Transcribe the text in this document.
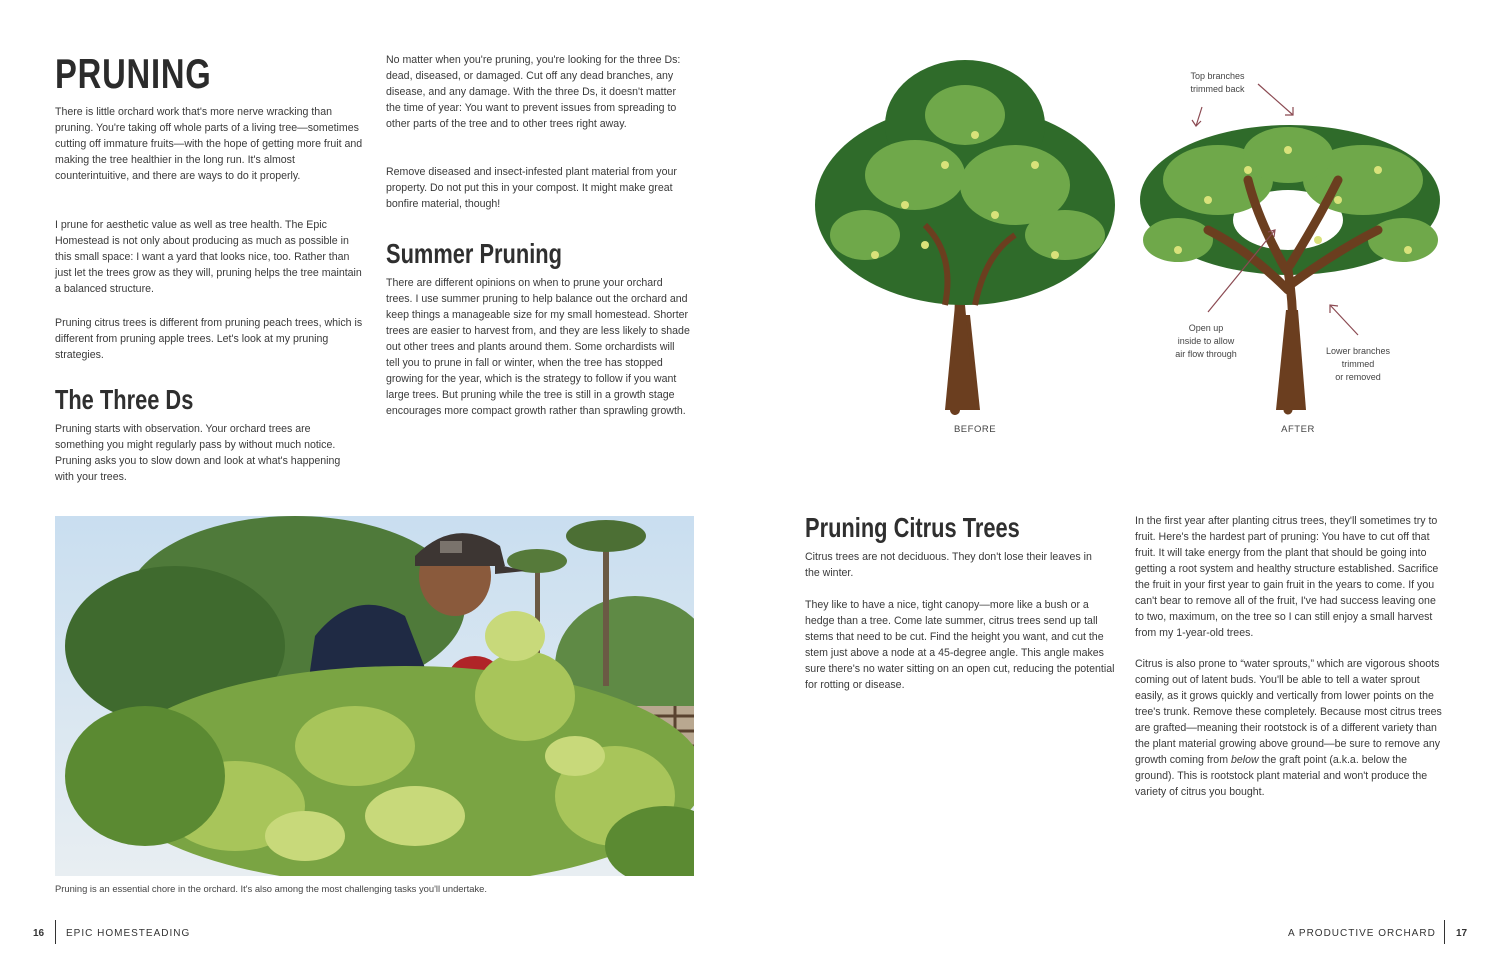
PRUNING
There is little orchard work that's more nerve wracking than pruning. You're taking off whole parts of a living tree—sometimes cutting off immature fruits—with the hope of getting more fruit and making the tree healthier in the long run. It's almost counterintuitive, and there are ways to do it properly.
I prune for aesthetic value as well as tree health. The Epic Homestead is not only about producing as much as possible in this small space: I want a yard that looks nice, too. Rather than just let the trees grow as they will, pruning helps the tree maintain a balanced structure.
Pruning citrus trees is different from pruning peach trees, which is different from pruning apple trees. Let's look at my pruning strategies.
The Three Ds
Pruning starts with observation. Your orchard trees are something you might regularly pass by without much notice. Pruning asks you to slow down and look at what's happening with your trees.
No matter when you're pruning, you're looking for the three Ds: dead, diseased, or damaged. Cut off any dead branches, any disease, and any damage. With the three Ds, it doesn't matter the time of year: You want to prevent issues from spreading to other parts of the tree and to other trees right away.
Remove diseased and insect-infested plant material from your property. Do not put this in your compost. It might make great bonfire material, though!
Summer Pruning
There are different opinions on when to prune your orchard trees. I use summer pruning to help balance out the orchard and keep things a manageable size for my small homestead. Shorter trees are easier to harvest from, and they are less likely to shade out other trees and plants around them. Some orchardists will tell you to prune in fall or winter, when the tree has stopped growing for the year, which is the strategy to follow if you want large trees. But pruning while the tree is still in a growth stage encourages more compact growth rather than sprawling growth.
Pruning is an essential chore in the orchard. It's also among the most challenging tasks you'll undertake.
16 EPIC HOMESTEADING
BEFORE	AFTER
Top branches
trimmed back
Open up
inside to allow
air flow through	Lower branches
trimmed
or removed
Pruning Citrus Trees
Citrus trees are not deciduous. They don't lose their leaves in the winter.
They like to have a nice, tight canopy—more like a bush or a hedge than a tree. Come late summer, citrus trees send up tall stems that need to be cut. Find the height you want, and cut the stem just above a node at a 45-degree angle. This angle makes sure there's no water sitting on an open cut, reducing the potential for rotting or disease.
In the first year after planting citrus trees, they'll sometimes try to fruit. Here's the hardest part of pruning: You have to cut off that fruit. It will take energy from the plant that should be going into getting a root system and healthy structure established. Sacrifice the fruit in your first year to gain fruit in the years to come. If you can't bear to remove all of the fruit, I've had success leaving one to two, maximum, on the tree so I can still enjoy a small harvest from my 1-year-old trees.
Citrus is also prone to “water sprouts,” which are vigorous shoots coming out of latent buds. You'll be able to tell a water sprout easily, as it grows quickly and vertically from lower points on the tree's trunk. Remove these completely. Because most citrus trees are grafted—meaning their rootstock is of a different variety than the plant material growing above ground—be sure to remove any growth coming from below the graft point (a.k.a. below the ground). This is rootstock plant material and won't produce the variety of citrus you bought.
A PRODUCTIVE ORCHARD 17
